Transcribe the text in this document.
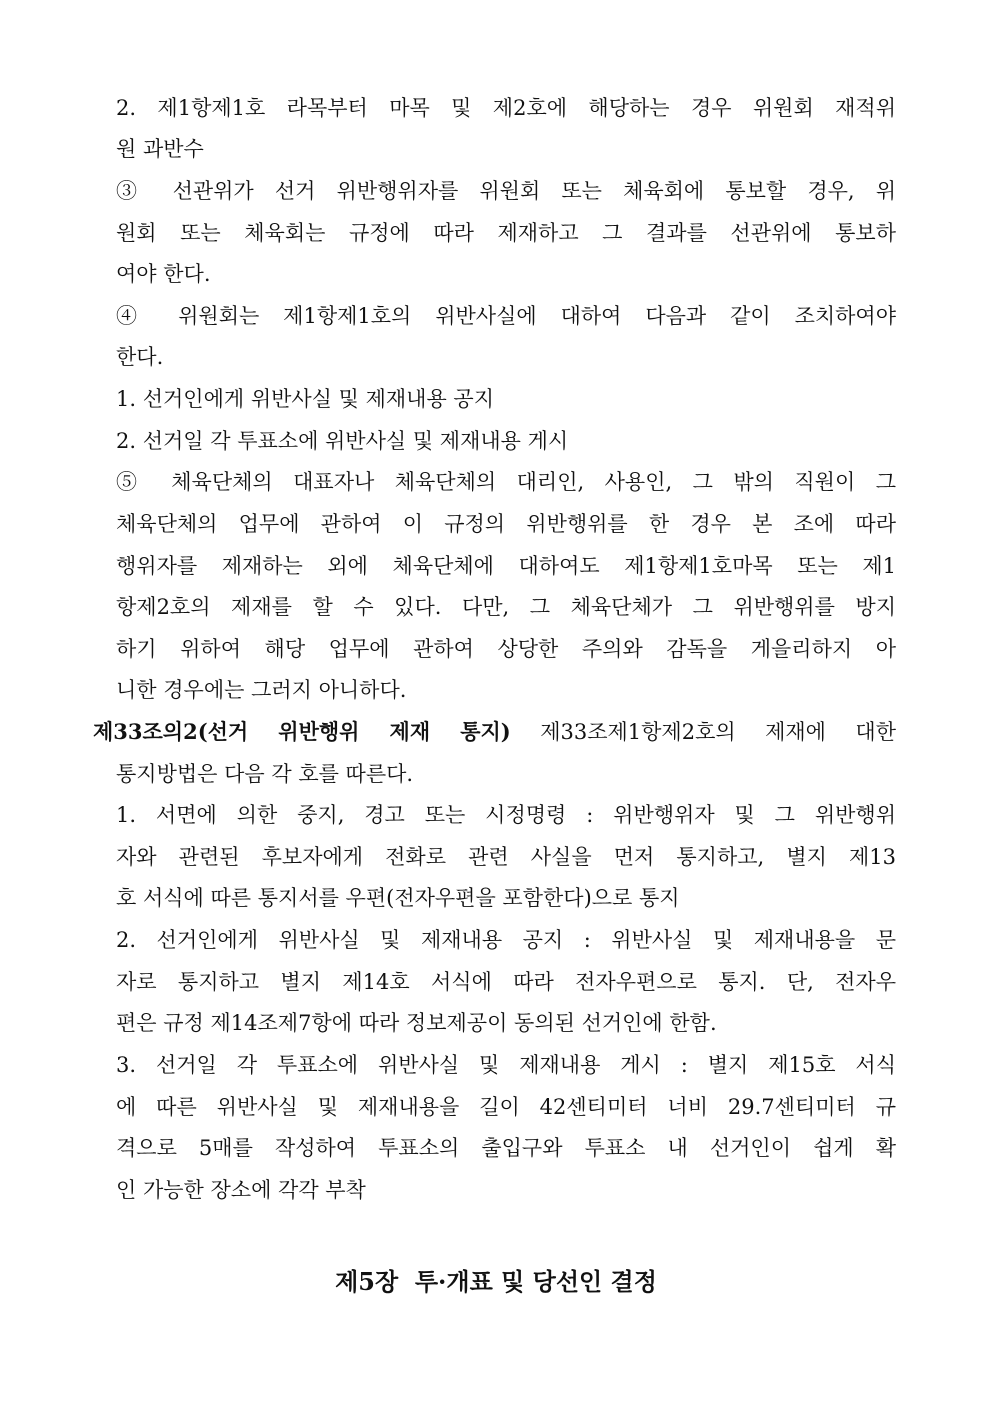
2. 제1항제1호 라목부터 마목 및 제2호에 해당하는 경우 위원회 재적위
원 과반수
③ 선관위가 선거 위반행위자를 위원회 또는 체육회에 통보할 경우, 위
원회 또는 체육회는 규정에 따라 제재하고 그 결과를 선관위에 통보하
여야 한다.
④ 위원회는 제1항제1호의 위반사실에 대하여 다음과 같이 조치하여야
한다.
1. 선거인에게 위반사실 및 제재내용 공지
2. 선거일 각 투표소에 위반사실 및 제재내용 게시
⑤ 체육단체의 대표자나 체육단체의 대리인, 사용인, 그 밖의 직원이 그
체육단체의 업무에 관하여 이 규정의 위반행위를 한 경우 본 조에 따라
행위자를 제재하는 외에 체육단체에 대하여도 제1항제1호마목 또는 제1
항제2호의 제재를 할 수 있다. 다만, 그 체육단체가 그 위반행위를 방지
하기 위하여 해당 업무에 관하여 상당한 주의와 감독을 게을리하지 아
니한 경우에는 그러지 아니하다.
제33조의2(선거 위반행위 제재 통지) 제33조제1항제2호의 제재에 대한
통지방법은 다음 각 호를 따른다.
1. 서면에 의한 중지, 경고 또는 시정명령 : 위반행위자 및 그 위반행위
자와 관련된 후보자에게 전화로 관련 사실을 먼저 통지하고, 별지 제13
호 서식에 따른 통지서를 우편(전자우편을 포함한다)으로 통지
2. 선거인에게 위반사실 및 제재내용 공지 : 위반사실 및 제재내용을 문
자로 통지하고 별지 제14호 서식에 따라 전자우편으로 통지. 단, 전자우
편은 규정 제14조제7항에 따라 정보제공이 동의된 선거인에 한함.
3. 선거일 각 투표소에 위반사실 및 제재내용 게시 : 별지 제15호 서식
에 따른 위반사실 및 제재내용을 길이 42센티미터 너비 29.7센티미터 규
격으로 5매를 작성하여 투표소의 출입구와 투표소 내 선거인이 쉽게 확
인 가능한 장소에 각각 부착
제5장  투·개표 및 당선인 결정
